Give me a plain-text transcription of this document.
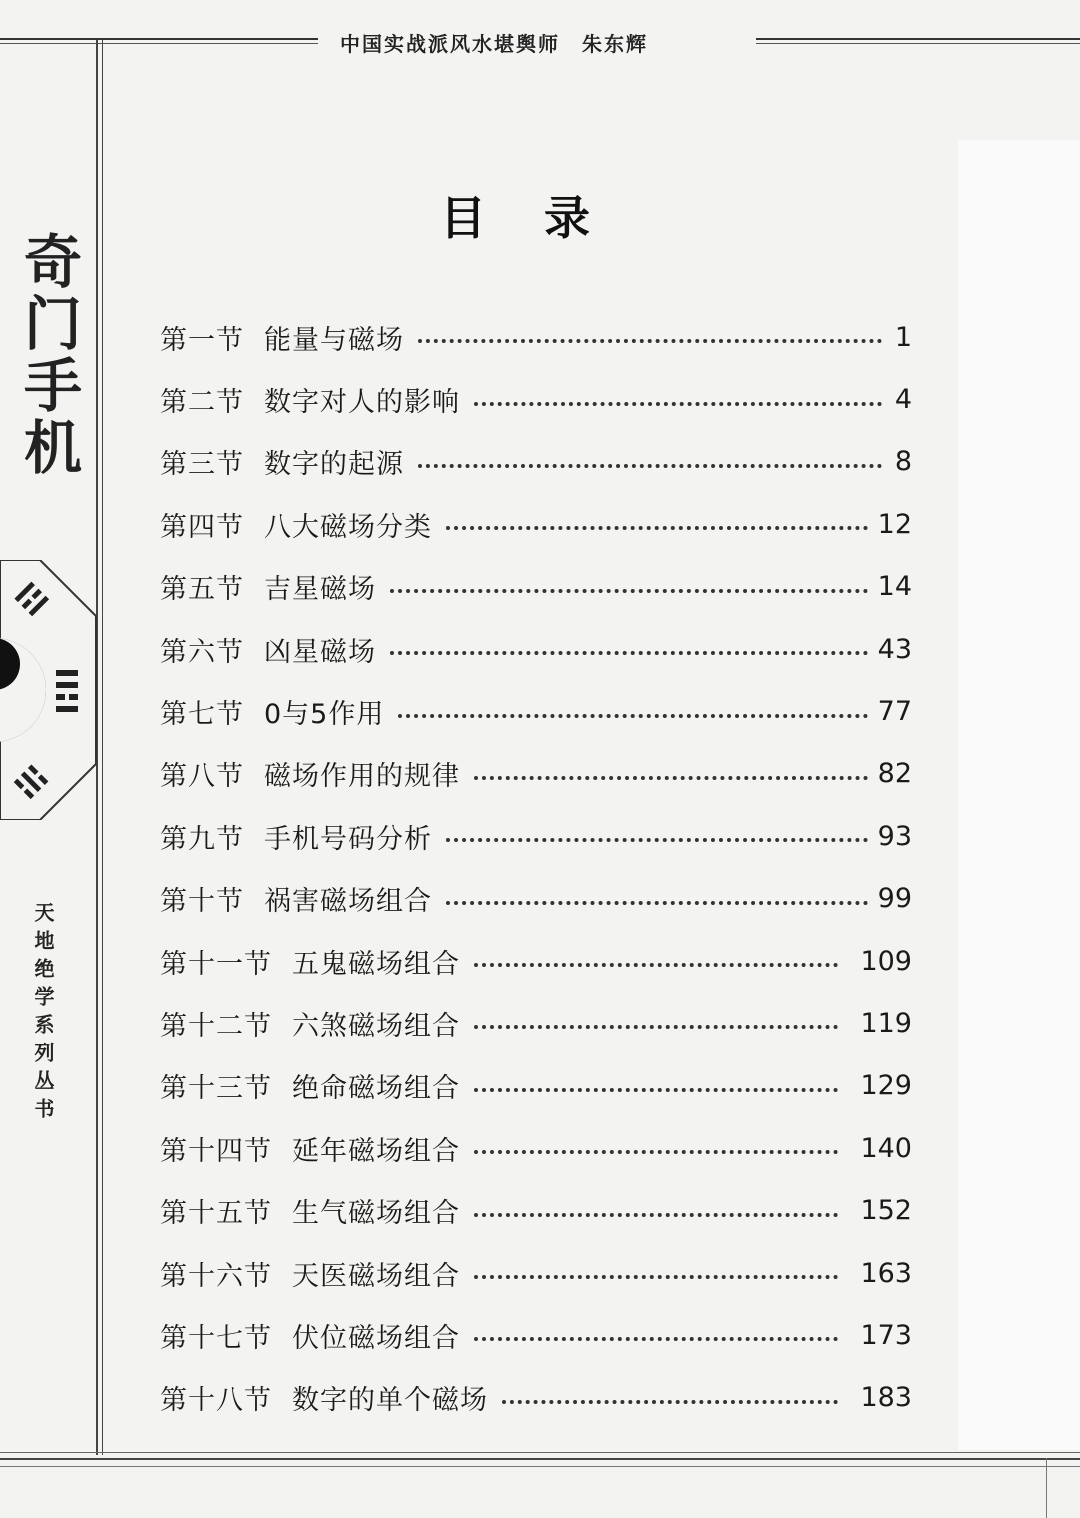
中国实战派风水堪舆师　朱东辉
奇门手机
天地绝学系列丛书
目录
第一节 能量与磁场	1
第二节 数字对人的影响	4
第三节 数字的起源	8
第四节 八大磁场分类	12
第五节 吉星磁场	14
第六节 凶星磁场	43
第七节 0与5作用	77
第八节 磁场作用的规律	82
第九节 手机号码分析	93
第十节 祸害磁场组合	99
第十一节 五鬼磁场组合	109
第十二节 六煞磁场组合	119
第十三节 绝命磁场组合	129
第十四节 延年磁场组合	140
第十五节 生气磁场组合	152
第十六节 天医磁场组合	163
第十七节 伏位磁场组合	173
第十八节 数字的单个磁场	183
